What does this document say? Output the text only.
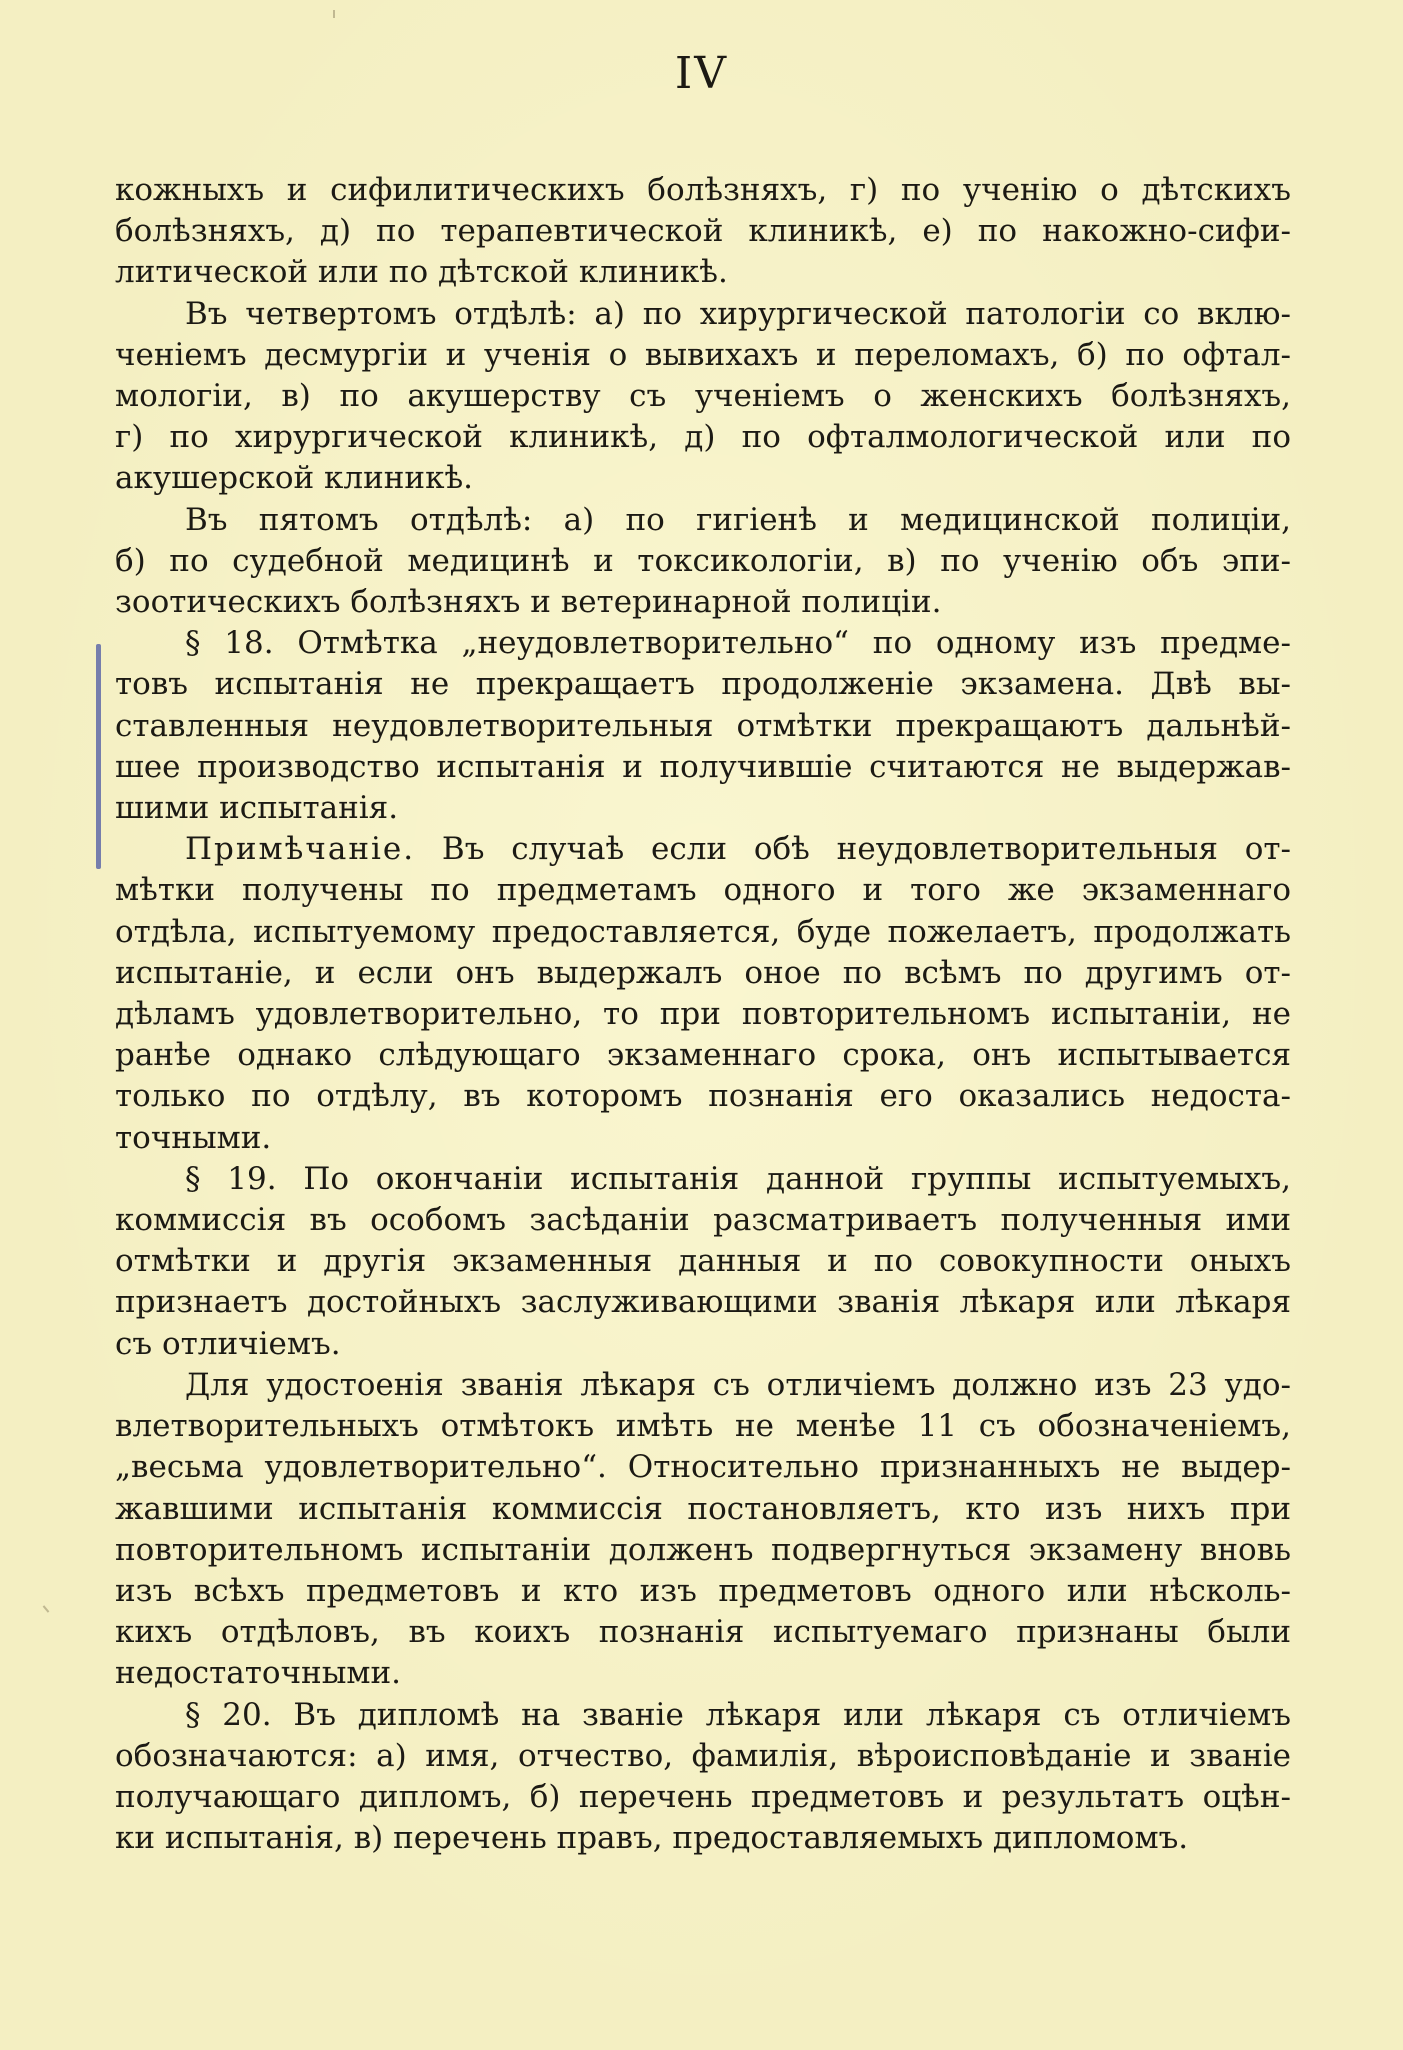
IV

кожныхъ и сифилитическихъ болѣзняхъ, г) по ученію о дѣтскихъ

болѣзняхъ, д) по терапевтической клиникѣ, е) по накожно-сифи-

литической или по дѣтской клиникѣ.

Въ четвертомъ отдѣлѣ: а) по хирургической патологіи со вклю-

ченіемъ десмургіи и ученія о вывихахъ и переломахъ, б) по офтал-

мологіи, в) по акушерству съ ученіемъ о женскихъ болѣзняхъ,

г) по хирургической клиникѣ, д) по офталмологической или по

акушерской клиникѣ.

Въ пятомъ отдѣлѣ: а) по гигіенѣ и медицинской полиціи,

б) по судебной медицинѣ и токсикологіи, в) по ученію объ эпи-

зоотическихъ болѣзняхъ и ветеринарной полиціи.

§ 18. Отмѣтка „неудовлетворительно“ по одному изъ предме-

товъ испытанія не прекращаетъ продолженіе экзамена. Двѣ вы-

ставленныя неудовлетворительныя отмѣтки прекращаютъ дальнѣй-

шее производство испытанія и получившіе считаются не выдержав-

шими испытанія.

Примѣчаніе. Въ случаѣ если обѣ неудовлетворительныя от-

мѣтки получены по предметамъ одного и того же экзаменнаго

отдѣла, испытуемому предоставляется, буде пожелаетъ, продолжать

испытаніе, и если онъ выдержалъ оное по всѣмъ по другимъ от-

дѣламъ удовлетворительно, то при повторительномъ испытаніи, не

ранѣе однако слѣдующаго экзаменнаго срока, онъ испытывается

только по отдѣлу, въ которомъ познанія его оказались недоста-

точными.

§ 19. По окончаніи испытанія данной группы испытуемыхъ,

коммиссія въ особомъ засѣданіи разсматриваетъ полученныя ими

отмѣтки и другія экзаменныя данныя и по совокупности оныхъ

признаетъ достойныхъ заслуживающими званія лѣкаря или лѣкаря

съ отличіемъ.

Для удостоенія званія лѣкаря съ отличіемъ должно изъ 23 удо-

влетворительныхъ отмѣтокъ имѣть не менѣе 11 съ обозначеніемъ,

„весьма удовлетворительно“. Относительно признанныхъ не выдер-

жавшими испытанія коммиссія постановляетъ, кто изъ нихъ при

повторительномъ испытаніи долженъ подвергнуться экзамену вновь

изъ всѣхъ предметовъ и кто изъ предметовъ одного или нѣсколь-

кихъ отдѣловъ, въ коихъ познанія испытуемаго признаны были

недостаточными.

§ 20. Въ дипломѣ на званіе лѣкаря или лѣкаря съ отличіемъ

обозначаются: а) имя, отчество, фамилія, вѣроисповѣданіе и званіе

получающаго дипломъ, б) перечень предметовъ и результатъ оцѣн-

ки испытанія, в) перечень правъ, предоставляемыхъ дипломомъ.
